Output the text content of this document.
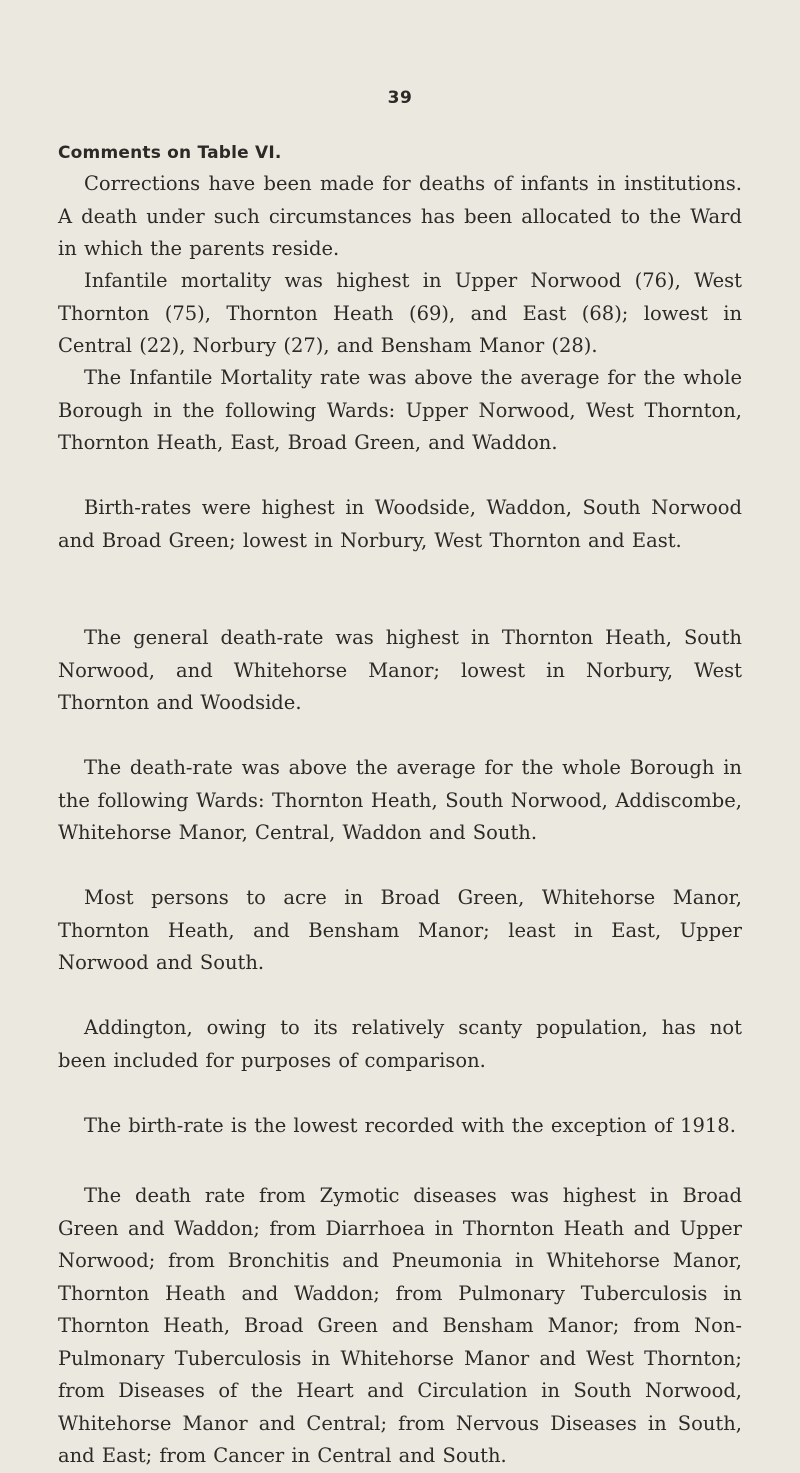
39
Comments on Table VI.

Corrections have been made for deaths of infants in institutions. A death under such circumstances has been allocated to the Ward in which the parents reside.

Infantile mortality was highest in Upper Norwood (76), West Thornton (75), Thornton Heath (69), and East (68); lowest in Central (22), Norbury (27), and Bensham Manor (28).

The Infantile Mortality rate was above the average for the whole Borough in the following Wards: Upper Norwood, West Thornton, Thornton Heath, East, Broad Green, and Waddon.

Birth-rates were highest in Woodside, Waddon, South Norwood and Broad Green; lowest in Norbury, West Thornton and East.

The general death-rate was highest in Thornton Heath, South Norwood, and Whitehorse Manor; lowest in Norbury, West Thornton and Woodside.

The death-rate was above the average for the whole Borough in the following Wards: Thornton Heath, South Norwood, Addiscombe, Whitehorse Manor, Central, Waddon and South.

Most persons to acre in Broad Green, Whitehorse Manor, Thornton Heath, and Bensham Manor; least in East, Upper Norwood and South.

Addington, owing to its relatively scanty population, has not been included for purposes of comparison.

The birth-rate is the lowest recorded with the exception of 1918.

The death rate from Zymotic diseases was highest in Broad Green and Waddon; from Diarrhoea in Thornton Heath and Upper Norwood; from Bronchitis and Pneumonia in Whitehorse Manor, Thornton Heath and Waddon; from Pulmonary Tuberculosis in Thornton Heath, Broad Green and Bensham Manor; from Non-Pulmonary Tuberculosis in Whitehorse Manor and West Thornton; from Diseases of the Heart and Circulation in South Norwood, Whitehorse Manor and Central; from Nervous Diseases in South, and East; from Cancer in Central and South.
